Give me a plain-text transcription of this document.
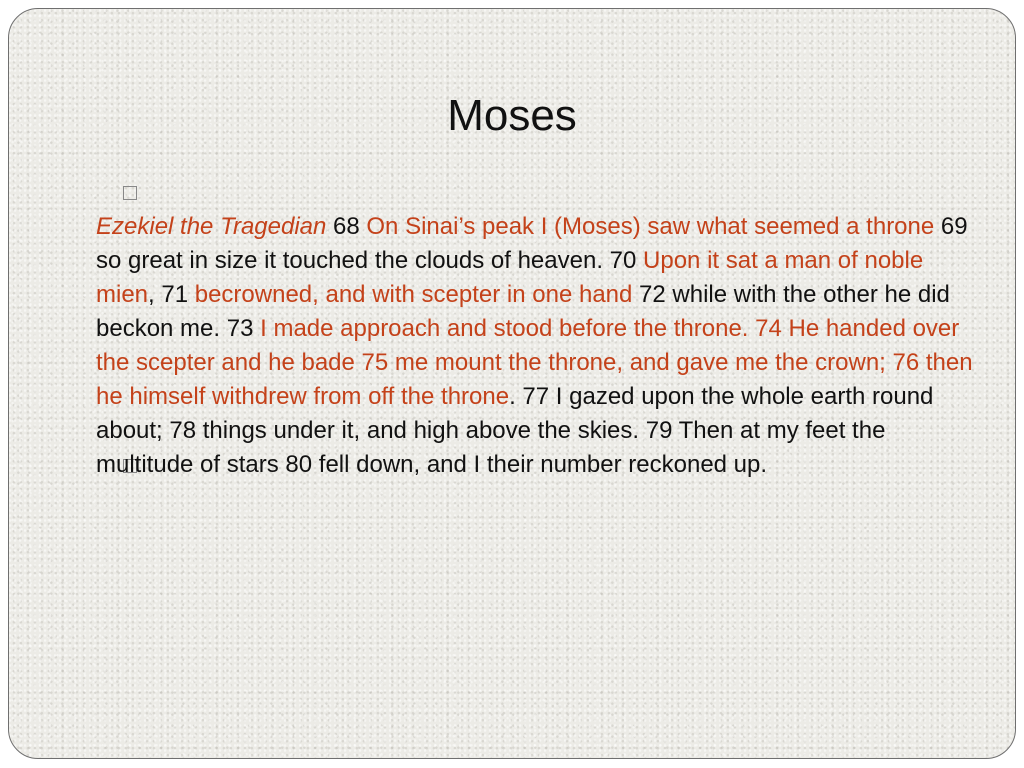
Moses

Ezekiel the Tragedian 68 On Sinai’s peak I (Moses) saw what seemed a throne 69 so great in size it touched the clouds of heaven. 70 Upon it sat a man of noble mien, 71 becrowned, and with scepter in one hand 72 while with the other he did beckon me. 73 I made approach and stood before the throne. 74 He handed over the scepter and he bade 75 me mount the throne, and gave me the crown; 76 then he himself withdrew from off the throne. 77 I gazed upon the whole earth round about; 78 things under it, and high above the skies. 79 Then at my feet the multitude of stars 80 fell down, and I their number reckoned up.
